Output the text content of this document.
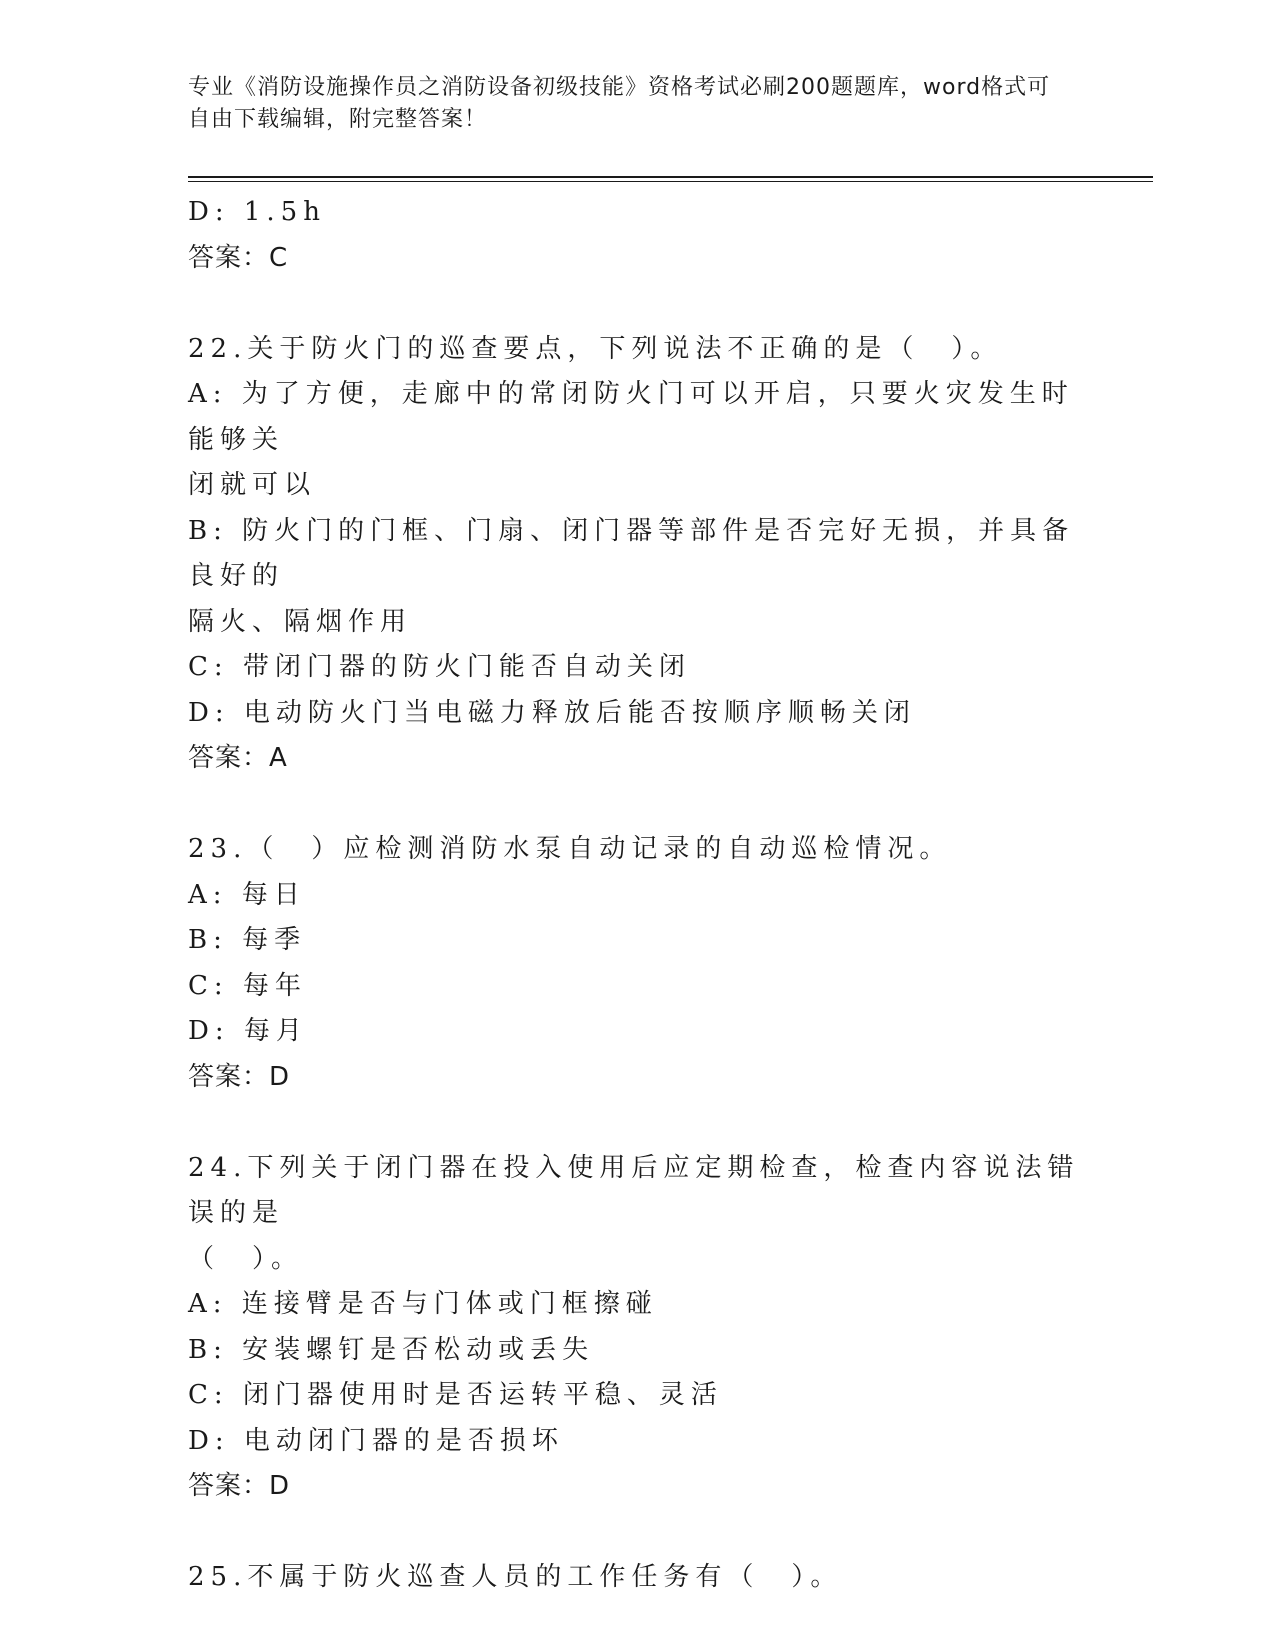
专业《消防设施操作员之消防设备初级技能》资格考试必刷200题题库，word格式可自由下载编辑，附完整答案！

D: 1.5h

答案：C

22.关于防火门的巡查要点，下列说法不正确的是（　）。

A: 为了方便，走廊中的常闭防火门可以开启，只要火灾发生时能够关

闭就可以

B: 防火门的门框、门扇、闭门器等部件是否完好无损，并具备良好的

隔火、隔烟作用

C: 带闭门器的防火门能否自动关闭

D: 电动防火门当电磁力释放后能否按顺序顺畅关闭

答案：A

23.（　）应检测消防水泵自动记录的自动巡检情况。

A: 每日

B: 每季

C: 每年

D: 每月

答案：D

24.下列关于闭门器在投入使用后应定期检查，检查内容说法错误的是

（　）。

A: 连接臂是否与门体或门框擦碰

B: 安装螺钉是否松动或丢失

C: 闭门器使用时是否运转平稳、灵活

D: 电动闭门器的是否损坏

答案：D

25.不属于防火巡查人员的工作任务有（　）。
